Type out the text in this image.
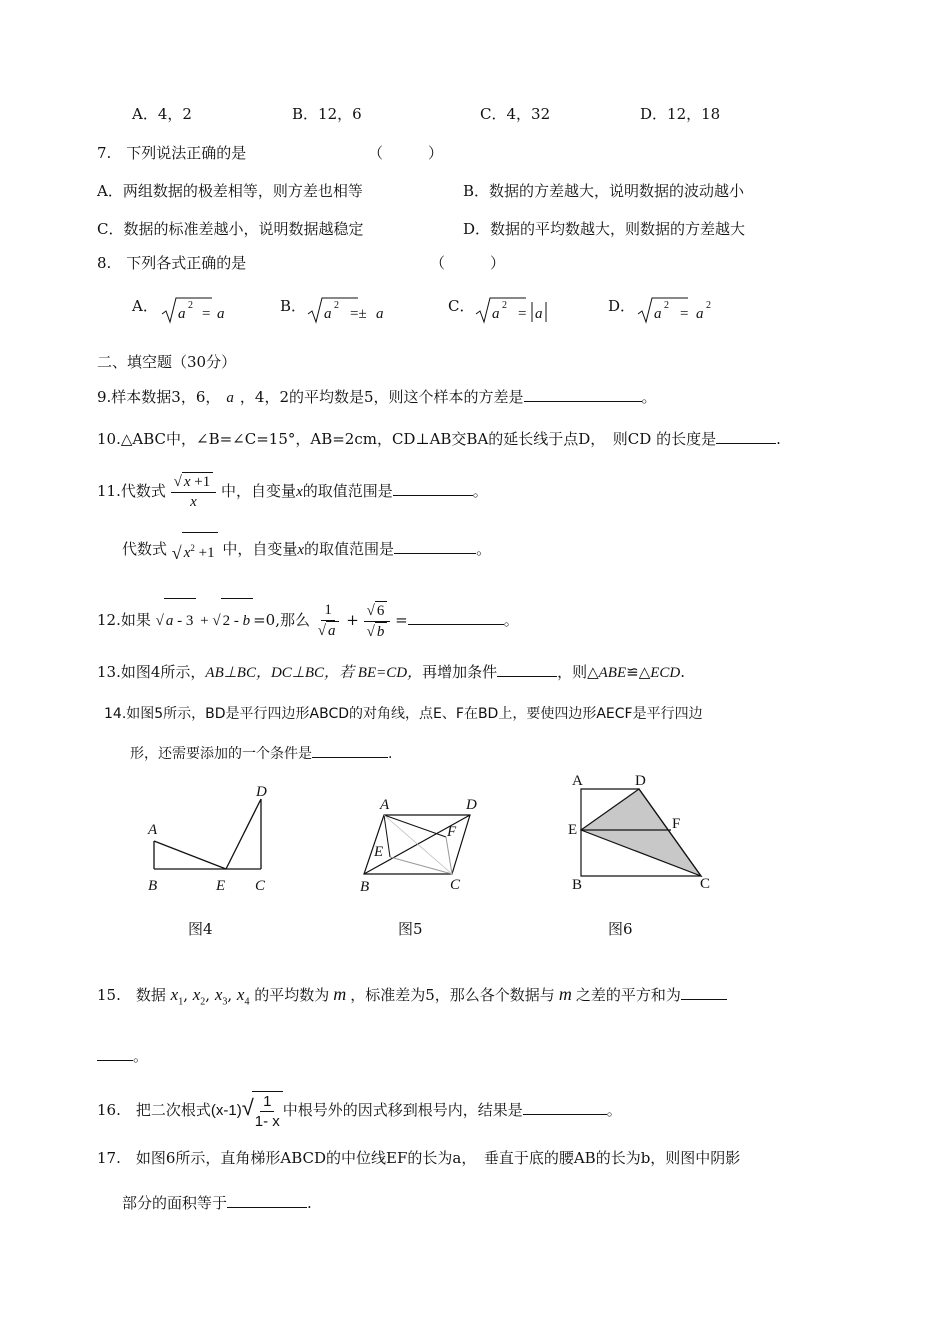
A．4，2	B．12，6	C．4，32	D．12，18
7.　下列说法正确的是	（　　　）
A．两组数据的极差相等，则方差也相等	B．数据的方差越大，说明数据的波动越小
C．数据的标准差越小，说明数据越稳定	D．数据的平均数越大，则数据的方差越大
8.　下列各式正确的是	（　　　）
A． a
2
= a	B． a
2
=± a	C． a
2
= a	D． a
2
= a
2
二、填空题（30分）
9.样本数据3，6， a ，4，2的平均数是5，则这个样本的方差是	。
10.△ABC中，∠B=∠C=15°，AB=2cm，CD⊥AB交BA的延长线于点D，　则CD 的长度是	.
11.代数式 $\frac{√ x +1}{x}$ 中，自变量x的取值范围是	。
代数式 √ $x^2 +1$ 中，自变量x的取值范围是	。
12.如果 √ a - 3 + √ 2 - b =0,那么 $\frac{1}{√ a} + \frac{√ 6}{√ b}$ =	。
13.如图4所示，AB⊥BC，DC⊥BC，若 BE=CD，再增加条件	，则△ABE≌△ECD.
14.如图5所示，BD是平行四边形ABCD的对角线，点E、F在BD上，要使四边形AECF是平行四边
形，还需要添加的一个条件是	.
A
B	E C
D
图4
A	D
F
E
B	C
图5
A	D
E	F
B	C
图6
15.　数据 $x_1$, $x_2$, $x_3$, $x_4$ 的平均数为 m ，标准差为5，那么各个数据与 m 之差的平方和为
。
16.　把二次根式(x-1)√
$\frac{1}{1- x}$ 中根号外的因式移到根号内，结果是	。
17.　如图6所示，直角梯形ABCD的中位线EF的长为a，　垂直于底的腰AB的长为b，则图中阴影
部分的面积等于	.
